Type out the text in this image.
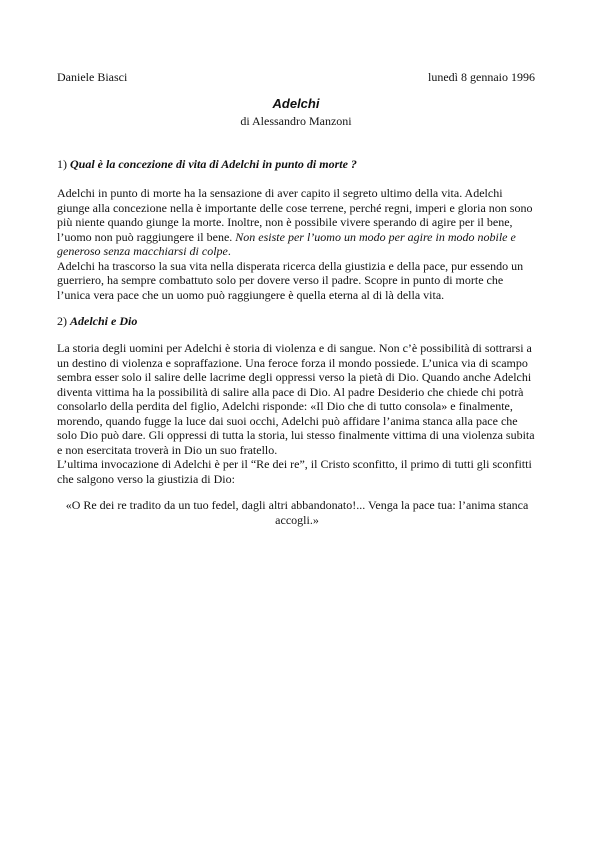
Daniele Biasci	lunedì 8 gennaio 1996
Adelchi
di Alessandro Manzoni
1) Qual è la concezione di vita di Adelchi in punto di morte ?

Adelchi in punto di morte ha la sensazione di aver capito il segreto ultimo della vita. Adelchi giunge alla concezione nella è importante delle cose terrene, perché regni, imperi e gloria non sono più niente quando giunge la morte. Inoltre, non è possibile vivere sperando di agire per il bene, l’uomo non può raggiungere il bene. Non esiste per l’uomo un modo per agire in modo nobile e generoso senza macchiarsi di colpe.

Adelchi ha trascorso la sua vita nella disperata ricerca della giustizia e della pace, pur essendo un guerriero, ha sempre combattuto solo per dovere verso il padre. Scopre in punto di morte che l’unica vera pace che un uomo può raggiungere è quella eterna al di là della vita.

2) Adelchi e Dio

La storia degli uomini per Adelchi è storia di violenza e di sangue. Non c’è possibilità di sottrarsi a un destino di violenza e sopraffazione. Una feroce forza il mondo possiede. L’unica via di scampo sembra esser solo il salire delle lacrime degli oppressi verso la pietà di Dio. Quando anche Adelchi diventa vittima ha la possibilità di salire alla pace di Dio. Al padre Desiderio che chiede chi potrà consolarlo della perdita del figlio, Adelchi risponde: «Il Dio che di tutto consola» e finalmente, morendo, quando fugge la luce dai suoi occhi, Adelchi può affidare l’anima stanca alla pace che solo Dio può dare. Gli oppressi di tutta la storia, lui stesso finalmente vittima di una violenza subita e non esercitata troverà in Dio un suo fratello.

L’ultima invocazione di Adelchi è per il “Re dei re”, il Cristo sconfitto, il primo di tutti gli sconfitti che salgono verso la giustizia di Dio:

«O Re dei re tradito da un tuo fedel, dagli altri abbandonato!... Venga la pace tua: l’anima stanca accogli.»
